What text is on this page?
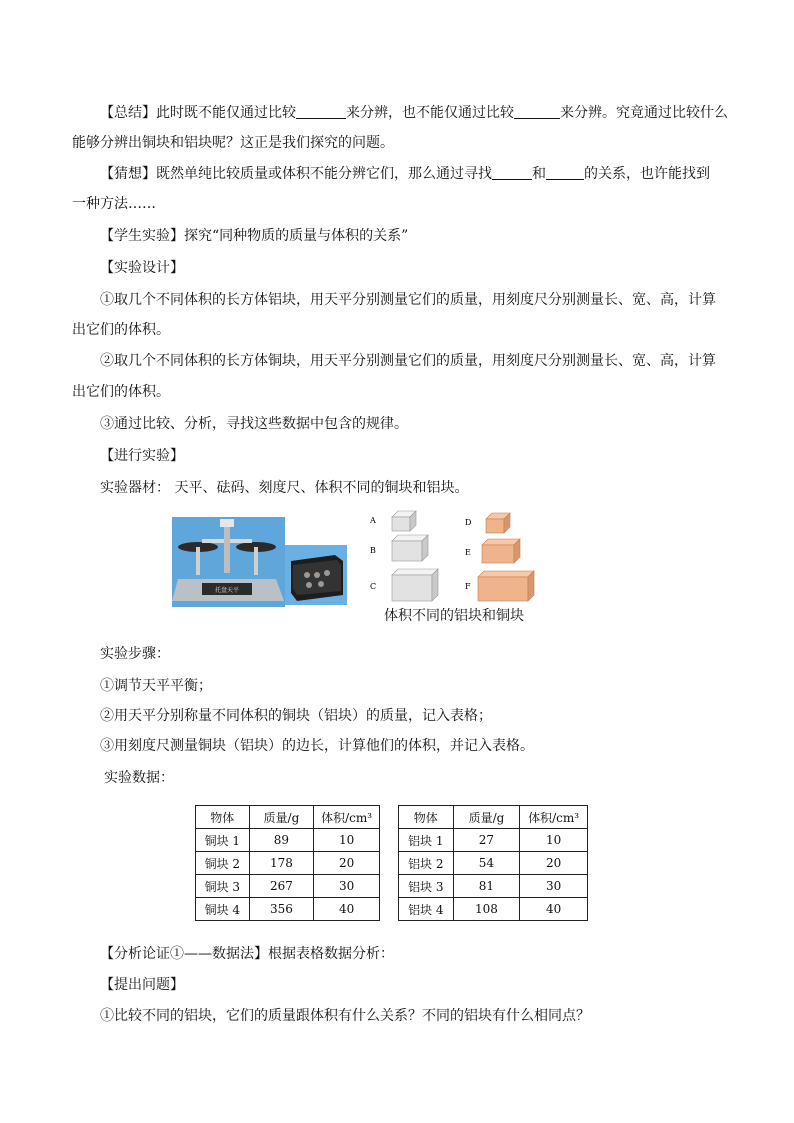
【总结】此时既不能仅通过比较	来分辨，也不能仅通过比较	来分辨。究竟通过比较什么
能够分辨出铜块和铝块呢？这正是我们探究的问题。
【猜想】既然单纯比较质量或体积不能分辨它们，那么通过寻找	和	的关系，也许能找到
一种方法……
【学生实验】探究“同种物质的质量与体积的关系”
【实验设计】
①取几个不同体积的长方体铝块，用天平分别测量它们的质量，用刻度尺分别测量长、宽、高，计算
出它们的体积。
②取几个不同体积的长方体铜块，用天平分别测量它们的质量，用刻度尺分别测量长、宽、高，计算
出它们的体积。
③通过比较、分析，寻找这些数据中包含的规律。
【进行实验】
实验器材： 天平、砝码、刻度尺、体积不同的铜块和铝块。
托盘天平
A
B
C
D
E
F
体积不同的铝块和铜块
实验步骤：
①调节天平平衡；
②用天平分别称量不同体积的铜块（铝块）的质量，记入表格；
③用刻度尺测量铜块（铝块）的边长，计算他们的体积，并记入表格。
实验数据：
物体	质量/g	体积/cm³
铜块 1	89	10
铜块 2	178	20
铜块 3	267	30
铜块 4	356	40
物体	质量/g	体积/cm³
铝块 1	27	10
铝块 2	54	20
铝块 3	81	30
铝块 4	108	40
【分析论证①——数据法】根据表格数据分析：
【提出问题】
①比较不同的铝块，它们的质量跟体积有什么关系？不同的铝块有什么相同点？
